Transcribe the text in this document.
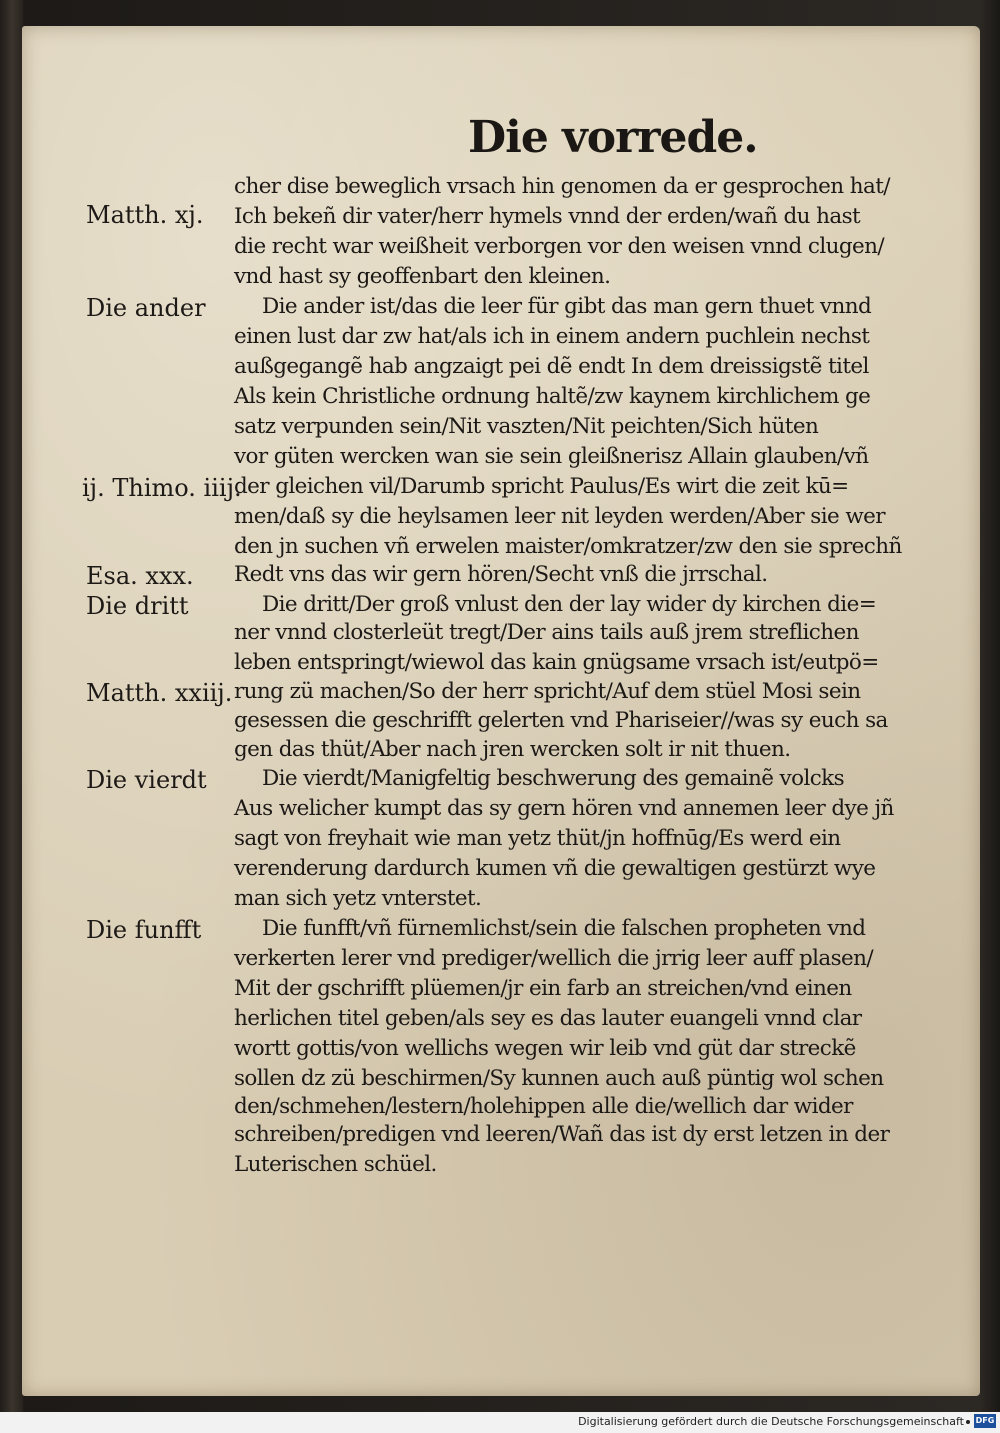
Die vorrede.
Matth. xj.
Die ander
ij. Thimo. iiij.
Esa. xxx.
Die dritt
Matth. xxiij.
Die vierdt
Die funfft
cher dise beweglich vrsach hin genomen da er gesprochen hat/
Ich bekeñ dir vater/herr hymels vnnd der erden/wañ du hast
die recht war weißheit verborgen vor den weisen vnnd clugen/
vnd hast sy geoffenbart den kleinen.
Die ander ist/das die leer für gibt das man gern thuet vnnd
einen lust dar zw hat/als ich in einem andern puchlein nechst
außgegangẽ hab angzaigt pei dẽ endt In dem dreissigstẽ titel
Als kein Christliche ordnung haltẽ/zw kaynem kirchlichem ge
satz verpunden sein/Nit vaszten/Nit peichten/Sich hüten
vor güten wercken wan sie sein gleißnerisz Allain glauben/vñ
der gleichen vil/Darumb spricht Paulus/Es wirt die zeit kū=
men/daß sy die heylsamen leer nit leyden werden/Aber sie wer
den jn suchen vñ erwelen maister/omkratzer/zw den sie sprechñ
Redt vns das wir gern hören/Secht vnß die jrrschal.
Die dritt/Der groß vnlust den der lay wider dy kirchen die=
ner vnnd closterleüt tregt/Der ains tails auß jrem streflichen
leben entspringt/wiewol das kain gnügsame vrsach ist/eutpö=
rung zü machen/So der herr spricht/Auf dem stüel Mosi sein
gesessen die geschrifft gelerten vnd Phariseier//was sy euch sa
gen das thüt/Aber nach jren wercken solt ir nit thuen.
Die vierdt/Manigfeltig beschwerung des gemainẽ volcks
Aus welicher kumpt das sy gern hören vnd annemen leer dye jñ
sagt von freyhait wie man yetz thüt/jn hoffnūg/Es werd ein
verenderung dardurch kumen vñ die gewaltigen gestürzt wye
man sich yetz vnterstet.
Die funfft/vñ fürnemlichst/sein die falschen propheten vnd
verkerten lerer vnd prediger/wellich die jrrig leer auff plasen/
Mit der gschrifft plüemen/jr ein farb an streichen/vnd einen
herlichen titel geben/als sey es das lauter euangeli vnnd clar
wortt gottis/von wellichs wegen wir leib vnd güt dar streckẽ
sollen dz zü beschirmen/Sy kunnen auch auß püntig wol schen
den/schmehen/lestern/holehippen alle die/wellich dar wider
schreiben/predigen vnd leeren/Wañ das ist dy erst letzen in der
Luterischen schüel.
Digitalisierung gefördert durch die Deutsche Forschungsgemeinschaft DFG
